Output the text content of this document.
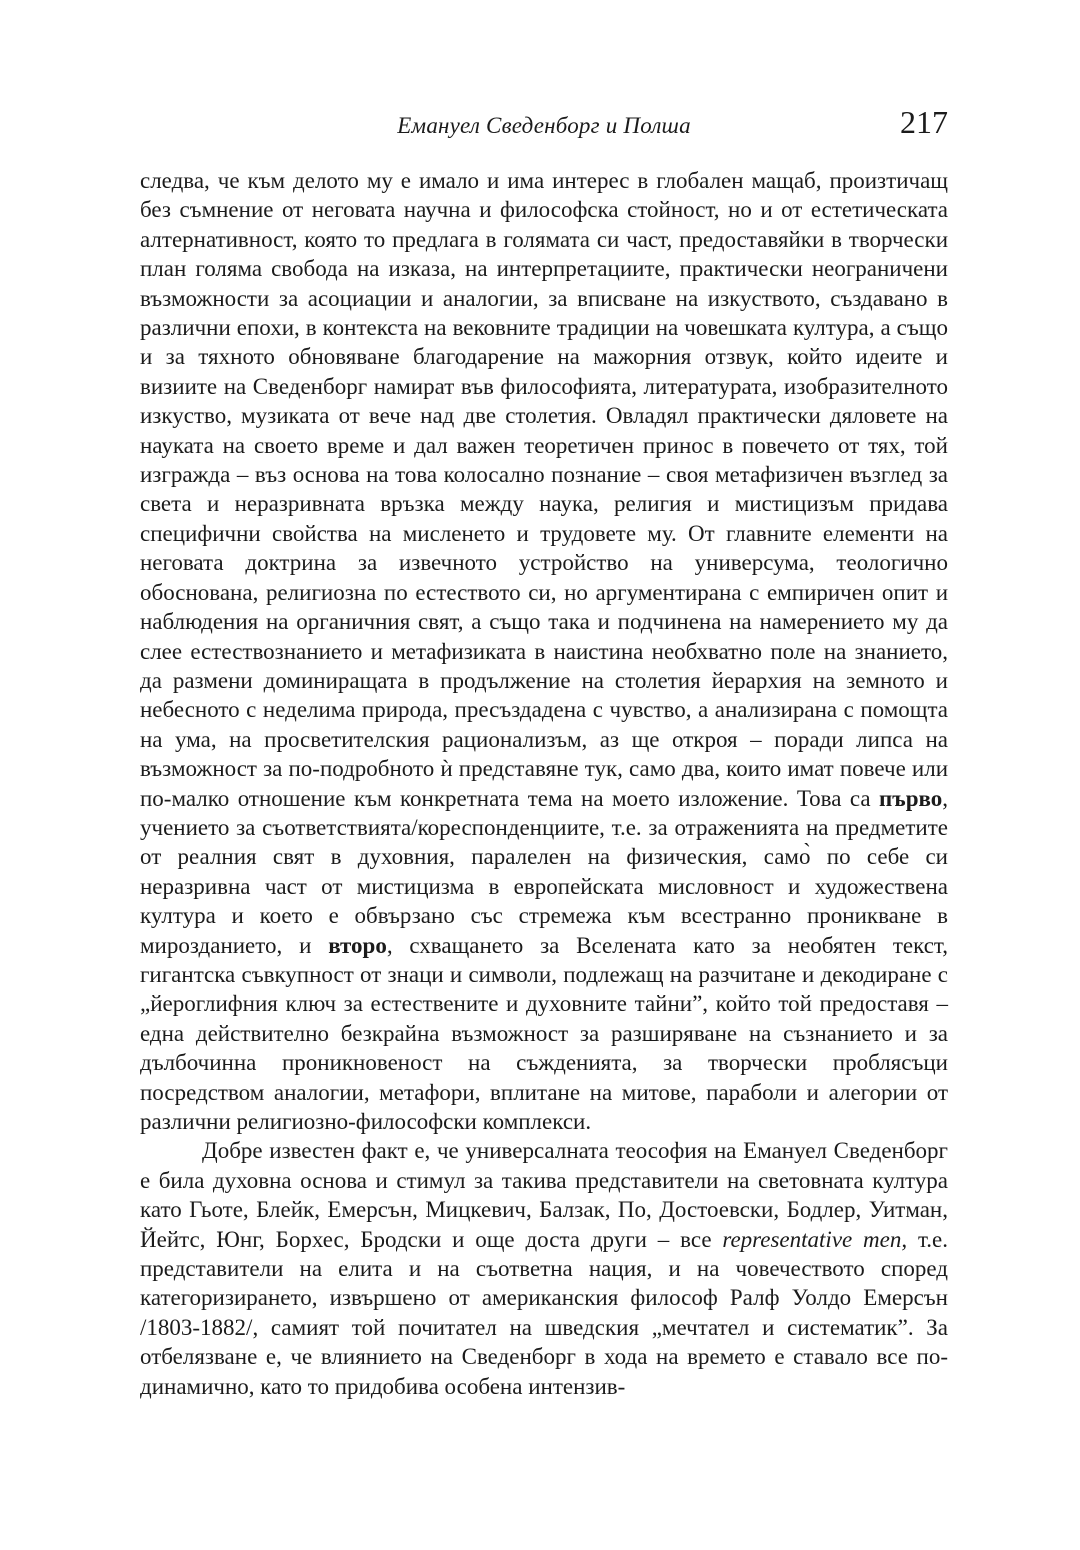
Емануел Сведенборг и Полша	217

следва, че към делото му е имало и има интерес в глобален мащаб, произтичащ без съмнение от неговата научна и философска стойност, но и от естетическата алтернативност, която то предлага в голямата си част, предоставяйки в творчески план голяма свобода на изказа, на интерпретациите, практически неограничени възможности за асоциации и аналогии, за вписване на изкуството, създавано в различни епохи, в контекста на вековните традиции на човешката култура, а също и за тяхното обновяване благодарение на мажорния отзвук, който идеите и визиите на Сведенборг намират във философията, литературата, изобразителното изкуство, музиката от вече над две столетия. Овладял практически дяловете на науката на своето време и дал важен теоретичен принос в повечето от тях, той изгражда – въз основа на това колосално познание – своя метафизичен възглед за света и неразривната връзка между наука, религия и мистицизъм придава специфични свойства на мисленето и трудовете му. От главните елементи на неговата доктрина за извечното устройство на универсума, теологично обоснована, религиозна по естеството си, но аргументирана с емпиричен опит и наблюдения на органичния свят, а също така и подчинена на намерението му да слее естествознанието и метафизиката в наистина необхватно поле на знанието, да размени доминиращата в продължение на столетия йерархия на земното и небесното с неделима природа, пресъздадена с чувство, а анализирана с помощта на ума, на просветителския рационализъм, аз ще откроя – поради липса на възможност за по-подробното ѝ представяне тук, само два, които имат повече или по-малко отношение към конкретната тема на моето изложение. Това са първо, учението за съответствията/кореспонденциите, т.е. за отраженията на предметите от реалния свят в духовния, паралелен на физическия, само̀ по себе си неразривна част от мистицизма в европейската мисловност и художествена култура и което е обвързано със стремежа към всестранно проникване в мирозданието, и второ, схващането за Вселената като за необятен текст, гигантска съвкупност от знаци и символи, подлежащ на разчитане и декодиране с „йероглифния ключ за естествените и духовните тайни”, който той предоставя – една действително безкрайна възможност за разширяване на съзнанието и за дълбочинна проникновеност на съжденията, за творчески проблясъци посредством аналогии, метафори, вплитане на митове, параболи и алегории от различни религиозно-философски комплекси.

Добре известен факт е, че универсалната теософия на Емануел Сведенборг е била духовна основа и стимул за такива представители на световната култура като Гьоте, Блейк, Емерсън, Мицкевич, Балзак, По, Достоевски, Бодлер, Уитман, Йейтс, Юнг, Борхес, Бродски и още доста други – все representative men, т.е. представители на елита и на съответна нация, и на човечеството според категоризирането, извършено от американския философ Ралф Уолдо Емерсън /1803-1882/, самият той почитател на шведския „мечтател и систематик”. За отбелязване е, че влиянието на Сведенборг в хода на времето е ставало все по-динамично, като то придобива особена интензив-
